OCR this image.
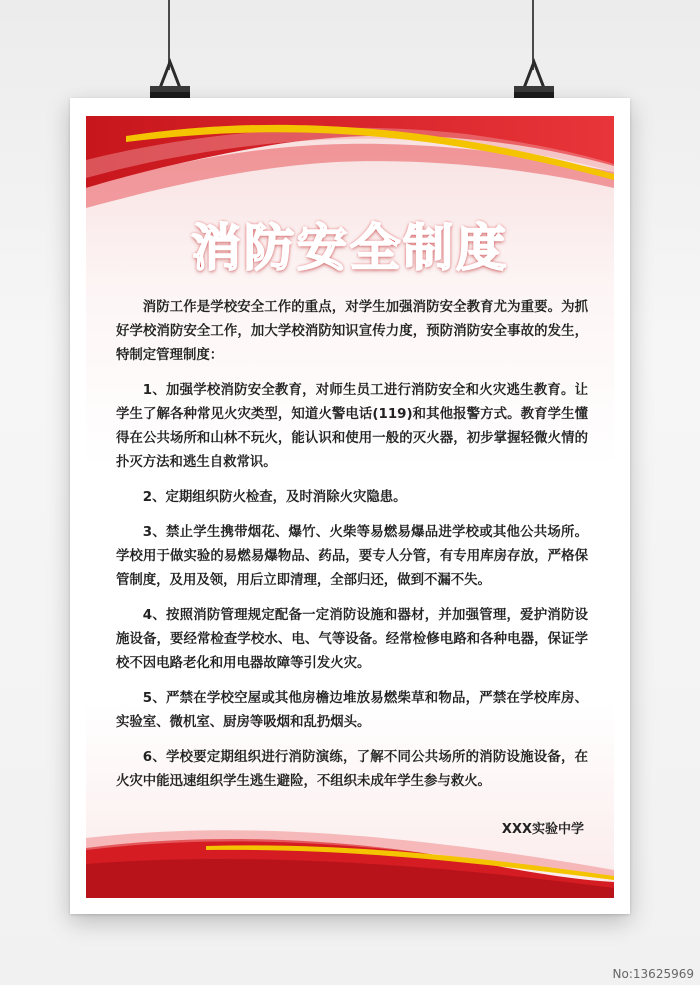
消防安全制度

消防工作是学校安全工作的重点，对学生加强消防安全教育尤为重要。为抓好学校消防安全工作，加大学校消防知识宣传力度，预防消防安全事故的发生，特制定管理制度：

1、加强学校消防安全教育，对师生员工进行消防安全和火灾逃生教育。让学生了解各种常见火灾类型，知道火警电话(119)和其他报警方式。教育学生懂得在公共场所和山林不玩火，能认识和使用一般的灭火器，初步掌握轻微火情的扑灭方法和逃生自救常识。

2、定期组织防火检查，及时消除火灾隐患。

3、禁止学生携带烟花、爆竹、火柴等易燃易爆品进学校或其他公共场所。学校用于做实验的易燃易爆物品、药品，要专人分管，有专用库房存放，严格保管制度，及用及领，用后立即清理，全部归还，做到不漏不失。

4、按照消防管理规定配备一定消防设施和器材，并加强管理，爱护消防设施设备，要经常检查学校水、电、气等设备。经常检修电路和各种电器，保证学校不因电路老化和用电器故障等引发火灾。

5、严禁在学校空屋或其他房檐边堆放易燃柴草和物品，严禁在学校库房、实验室、微机室、厨房等吸烟和乱扔烟头。

6、学校要定期组织进行消防演练，了解不同公共场所的消防设施设备，在火灾中能迅速组织学生逃生避险，不组织未成年学生参与救火。

XXX实验中学
No:13625969
